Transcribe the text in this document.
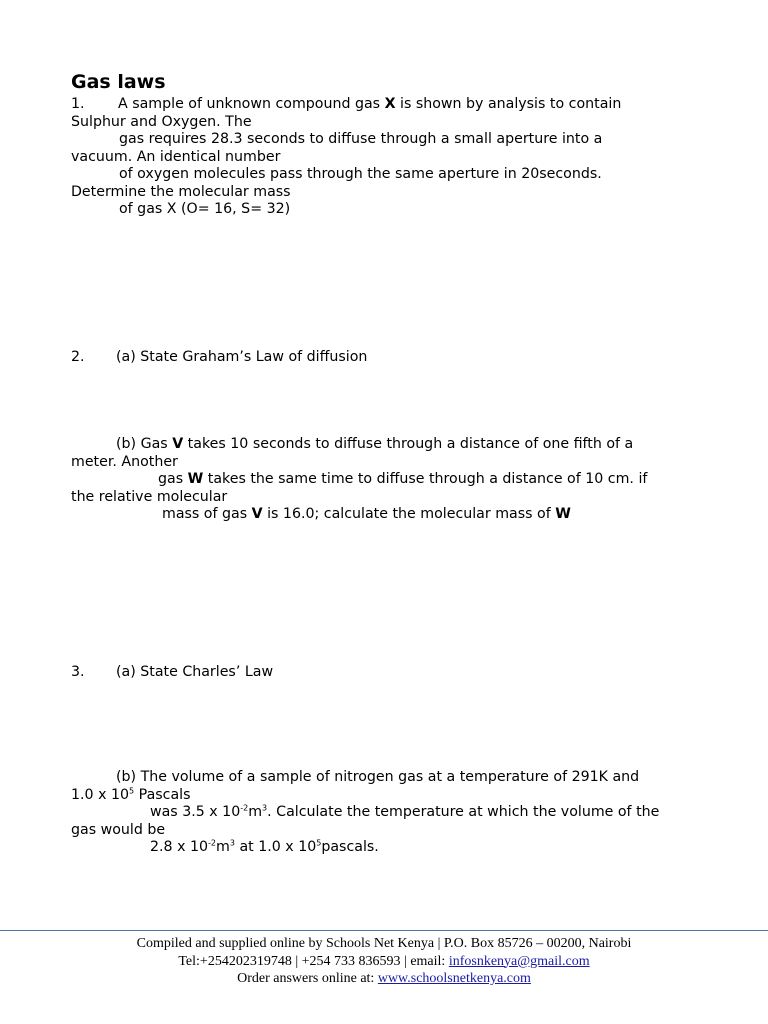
Gas laws
1. A sample of unknown compound gas X is shown by analysis to contain
Sulphur and Oxygen. The
gas requires 28.3 seconds to diffuse through a small aperture into a
vacuum. An identical number
of oxygen molecules pass through the same aperture in 20seconds.
Determine the molecular mass
of gas X (O= 16, S= 32)
2. (a) State Graham’s Law of diffusion
(b) Gas V takes 10 seconds to diffuse through a distance of one fifth of a
meter. Another
gas W takes the same time to diffuse through a distance of 10 cm. if
the relative molecular
mass of gas V is 16.0; calculate the molecular mass of W
3. (a) State Charles’ Law
(b) The volume of a sample of nitrogen gas at a temperature of 291K and
1.0 x $10^5$ Pascals
was 3.5 x $10^{-2}m^3$. Calculate the temperature at which the volume of the
gas would be
2.8 x $10^{-2}m^3$ at 1.0 x $10^5pascals$.
Compiled and supplied online by Schools Net Kenya | P.O. Box 85726 – 00200, Nairobi
Tel:+254202319748 | +254 733 836593 | email: infosnkenya@gmail.com
Order answers online at: www.schoolsnetkenya.com
